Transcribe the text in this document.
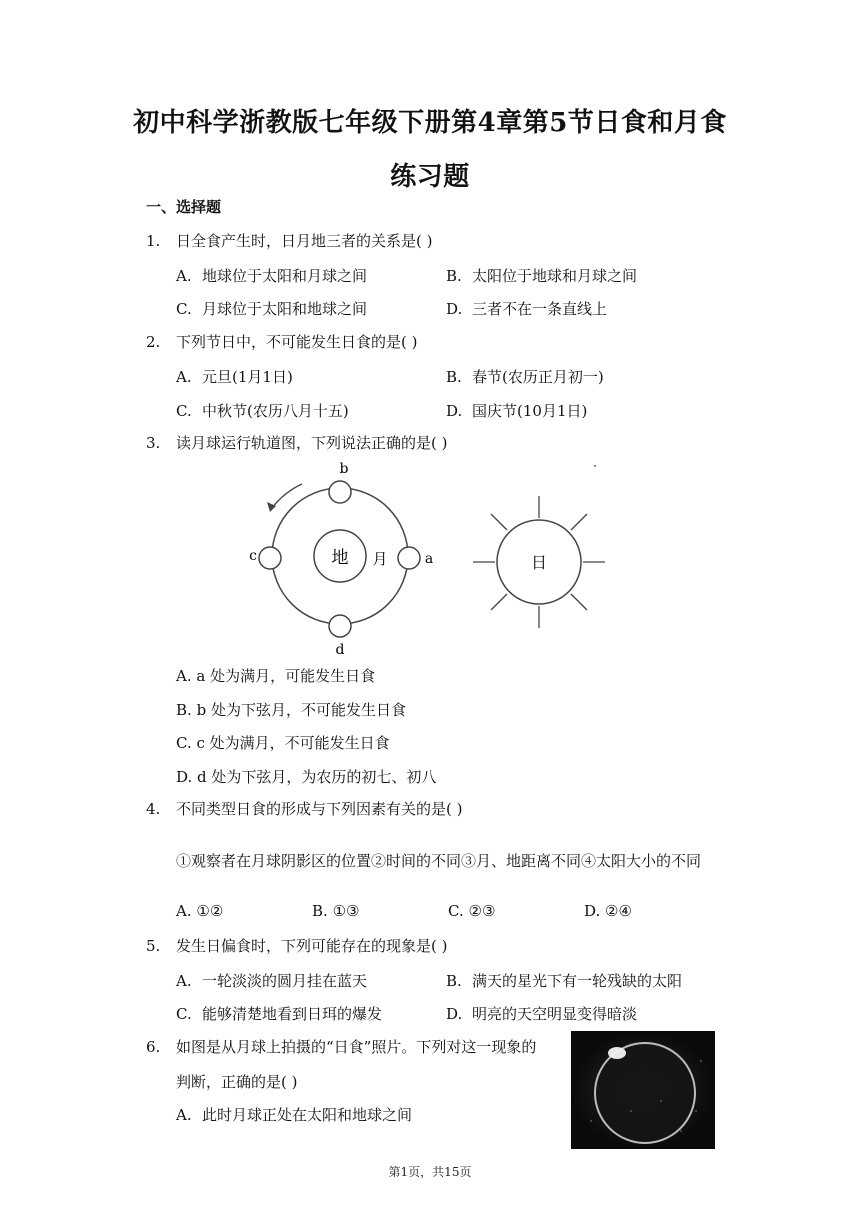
初中科学浙教版七年级下册第4章第5节日食和月食练习题
一、选择题
1.	日全食产生时，日月地三者的关系是( )
A. 地球位于太阳和月球之间	B. 太阳位于地球和月球之间
C. 月球位于太阳和地球之间	D. 三者不在一条直线上
2.	下列节日中，不可能发生日食的是( )
A. 元旦(1月1日)	B. 春节(农历正月初一)
C. 中秋节(农历八月十五)	D. 国庆节(10月1日)
3.	读月球运行轨道图，下列说法正确的是( )
地 月
b
d
c	a	日
A. a 处为满月，可能发生日食
B. b 处为下弦月，不可能发生日食
C. c 处为满月，不可能发生日食
D. d 处为下弦月，为农历的初七、初八
4.	不同类型日食的形成与下列因素有关的是( )
①观察者在月球阴影区的位置②时间的不同③月、地距离不同④太阳大小的不同
A. ①②	B. ①③	C. ②③	D. ②④
5.	发生日偏食时，下列可能存在的现象是( )
A. 一轮淡淡的圆月挂在蓝天	B. 满天的星光下有一轮残缺的太阳
C. 能够清楚地看到日珥的爆发	D. 明亮的天空明显变得暗淡
6.	如图是从月球上拍摄的“日食”照片。下列对这一现象的
判断，正确的是( )
A. 此时月球正处在太阳和地球之间
第1页，共15页
